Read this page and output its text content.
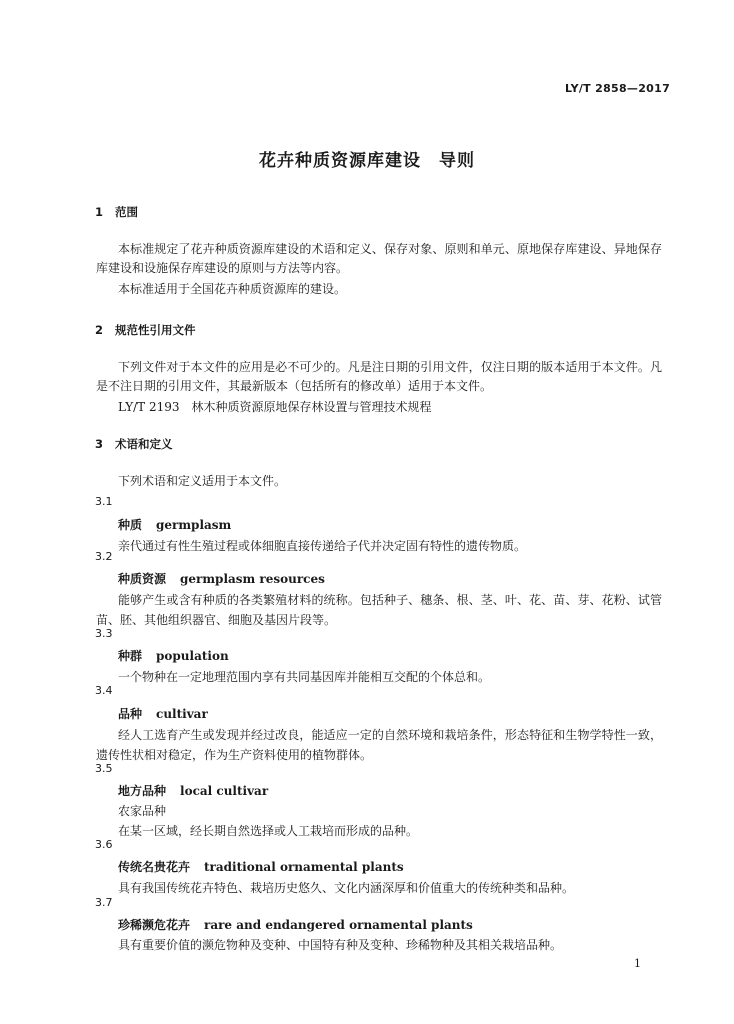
LY/T 2858—2017
花卉种质资源库建设　导则
1 范围
本标准规定了花卉种质资源库建设的术语和定义、保存对象、原则和单元、原地保存库建设、异地保存库建设和设施保存库建设的原则与方法等内容。
本标准适用于全国花卉种质资源库的建设。
2 规范性引用文件
下列文件对于本文件的应用是必不可少的。凡是注日期的引用文件，仅注日期的版本适用于本文件。凡是不注日期的引用文件，其最新版本（包括所有的修改单）适用于本文件。
LY/T 2193　林木种质资源原地保存林设置与管理技术规程
3 术语和定义
下列术语和定义适用于本文件。
3.1
种质 germplasm
亲代通过有性生殖过程或体细胞直接传递给子代并决定固有特性的遗传物质。
3.2
种质资源 germplasm resources
能够产生或含有种质的各类繁殖材料的统称。包括种子、穗条、根、茎、叶、花、苗、芽、花粉、试管苗、胚、其他组织器官、细胞及基因片段等。
3.3
种群 population
一个物种在一定地理范围内享有共同基因库并能相互交配的个体总和。
3.4
品种 cultivar
经人工选育产生或发现并经过改良，能适应一定的自然环境和栽培条件，形态特征和生物学特性一致，遗传性状相对稳定，作为生产资料使用的植物群体。
3.5
地方品种 local cultivar
农家品种
在某一区域，经长期自然选择或人工栽培而形成的品种。
3.6
传统名贵花卉 traditional ornamental plants
具有我国传统花卉特色、栽培历史悠久、文化内涵深厚和价值重大的传统种类和品种。
3.7
珍稀濒危花卉 rare and endangered ornamental plants
具有重要价值的濒危物种及变种、中国特有种及变种、珍稀物种及其相关栽培品种。
1
